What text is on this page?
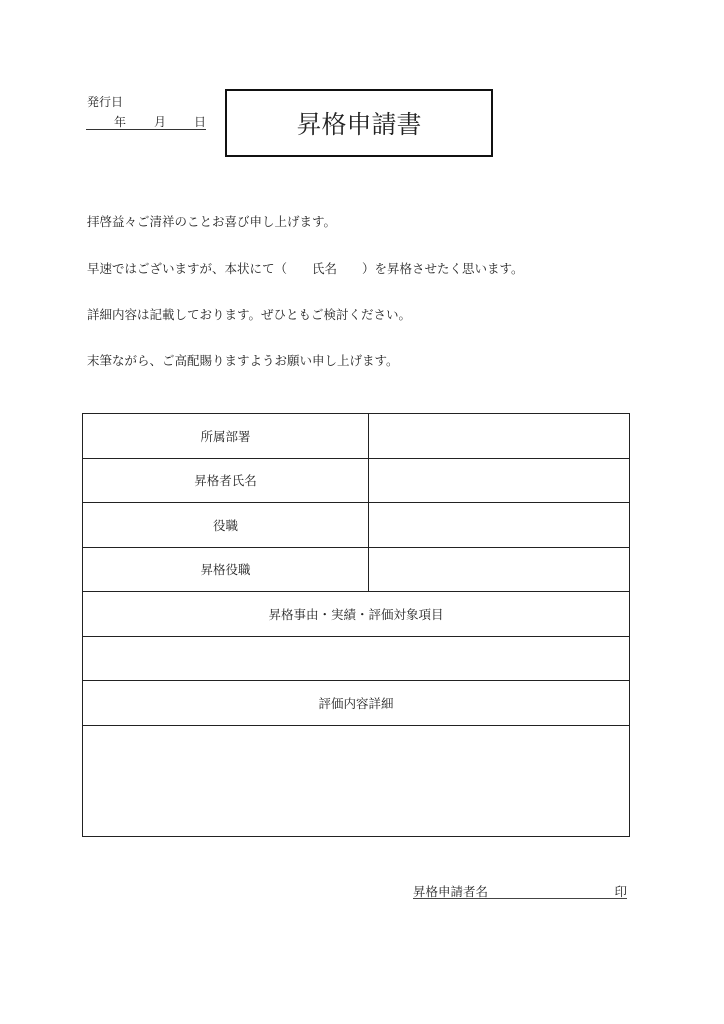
発行日
年 月 日	昇格申請書
拝啓益々ご清祥のことお喜び申し上げます。
早速ではございますが、本状にて（　　氏名　　）を昇格させたく思います。
詳細内容は記載しております。ぜひともご検討ください。
末筆ながら、ご高配賜りますようお願い申し上げます。
所属部署	
昇格者氏名	
役職	
昇格役職	
昇格事由・実績・評価対象項目	

評価内容詳細	

昇格申請者名	印
